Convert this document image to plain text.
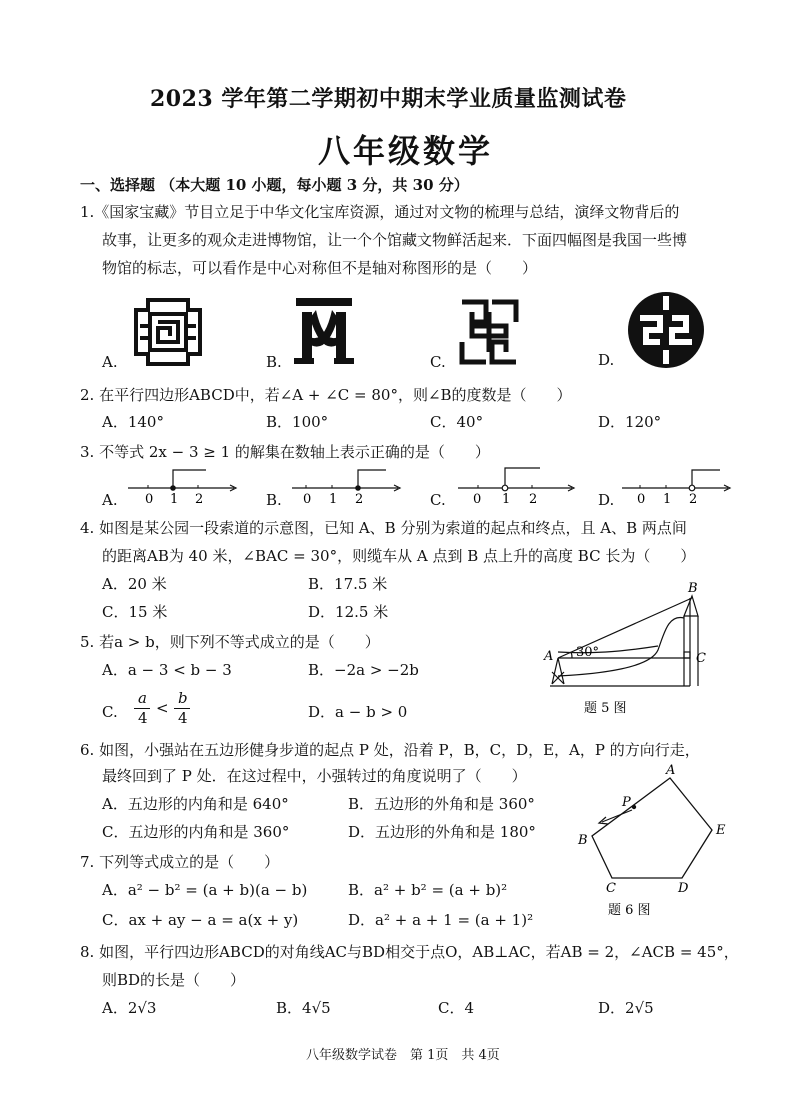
2023 学年第二学期初中期末学业质量监测试卷
八年级数学
一、选择题 （本大题 10 小题，每小题 3 分，共 30 分）
1.《国家宝藏》节目立足于中华文化宝库资源，通过对文物的梳理与总结，演绎文物背后的
故事，让更多的观众走进博物馆，让一个个馆藏文物鲜活起来．下面四幅图是我国一些博
物馆的标志，可以看作是中心对称但不是轴对称图形的是（　　）
A.	B.	C.	D.
2. 在平行四边形ABCD中，若∠A + ∠C = 80°，则∠B的度数是（　　）
A．140°	B．100°	C．40°	D．120°
3. 不等式 2x − 3 ≥ 1 的解集在数轴上表示正确的是（　　）
A.	B.	C.	D.
0 1 2	0 1 2	0 1 2	0 1 2
4. 如图是某公园一段索道的示意图，已知 A、B 分别为索道的起点和终点，且 A、B 两点间
的距离AB为 40 米，∠BAC = 30°，则缆车从 A 点到 B 点上升的高度 BC 长为（　　）
A．20 米	B．17.5 米
C．15 米	D．12.5 米
A
B
C
30°
题 5 图
5. 若a > b，则下列不等式成立的是（　　）
A．a − 3 < b − 3	B．−2a > −2b
C.
a
4
<
b
4	D．a − b > 0
6. 如图，小强站在五边形健身步道的起点 P 处，沿着 P，B，C，D，E，A，P 的方向行走，
最终回到了 P 处．在这过程中，小强转过的角度说明了（　　）
A．五边形的内角和是 640°	B．五边形的外角和是 360°
C．五边形的内角和是 360°	D．五边形的外角和是 180°
A
B
C	D
E
P
题 6 图
7. 下列等式成立的是（　　）
A．a² − b² = (a + b)(a − b)	B．a² + b² = (a + b)²
C．ax + ay − a = a(x + y)	D．a² + a + 1 = (a + 1)²
8. 如图，平行四边形ABCD的对角线AC与BD相交于点O，AB⊥AC，若AB = 2，∠ACB = 45°，
则BD的长是（　　）
A．2√3	B．4√5	C．4	D．2√5
八年级数学试卷　第 1页　共 4页
